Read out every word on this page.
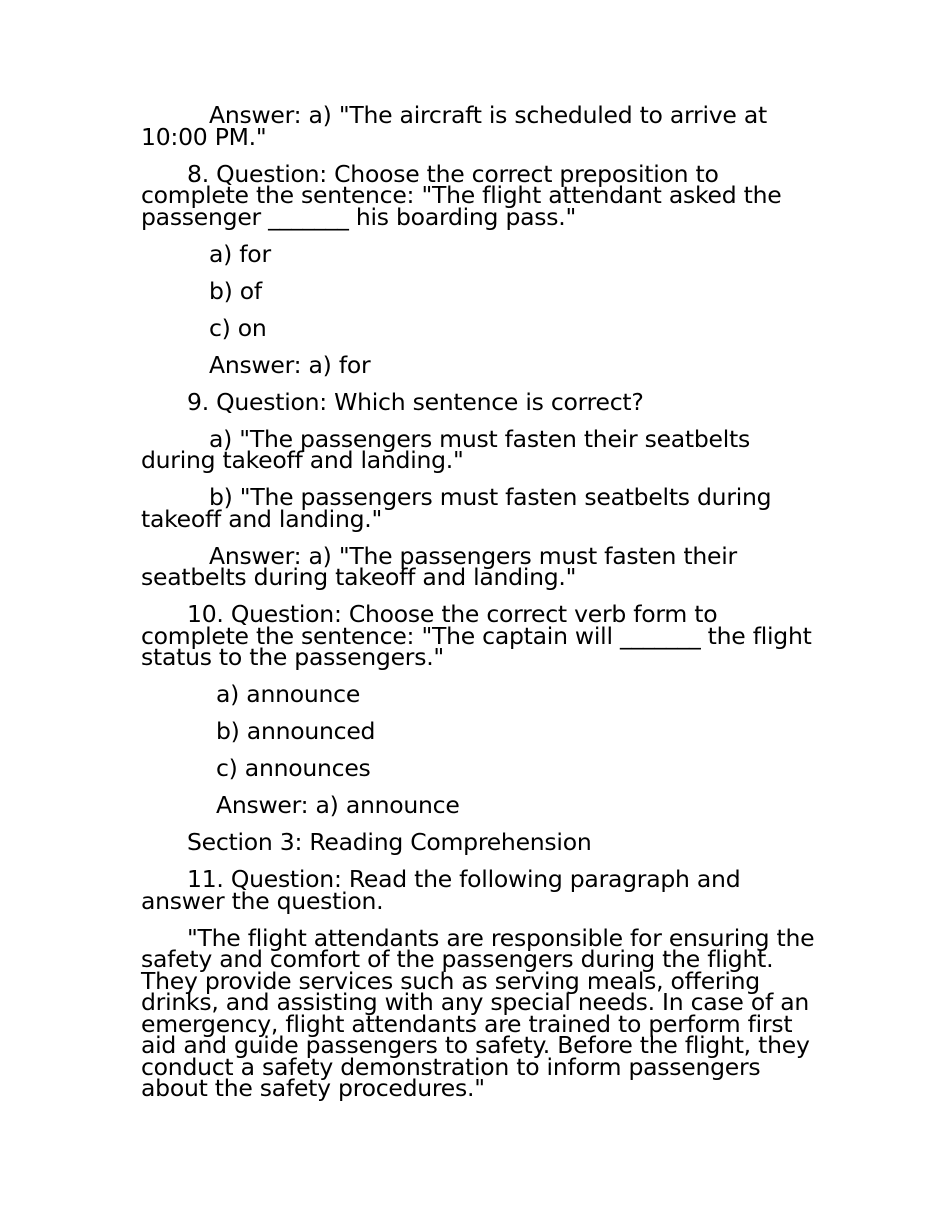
Answer: a) "The aircraft is scheduled to arrive at 10:00 PM."

8. Question: Choose the correct preposition to complete the sentence: "The flight attendant asked the passenger _______ his boarding pass."

a) for

b) of

c) on

Answer: a) for

9. Question: Which sentence is correct?

a) "The passengers must fasten their seatbelts during takeoff and landing."

b) "The passengers must fasten seatbelts during takeoff and landing."

Answer: a) "The passengers must fasten their seatbelts during takeoff and landing."

10. Question: Choose the correct verb form to complete the sentence: "The captain will _______ the flight status to the passengers."

a) announce

b) announced

c) announces

Answer: a) announce

Section 3: Reading Comprehension

11. Question: Read the following paragraph and answer the question.

"The flight attendants are responsible for ensuring the safety and comfort of the passengers during the flight. They provide services such as serving meals, offering drinks, and assisting with any special needs. In case of an emergency, flight attendants are trained to perform first aid and guide passengers to safety. Before the flight, they conduct a safety demonstration to inform passengers about the safety procedures."
